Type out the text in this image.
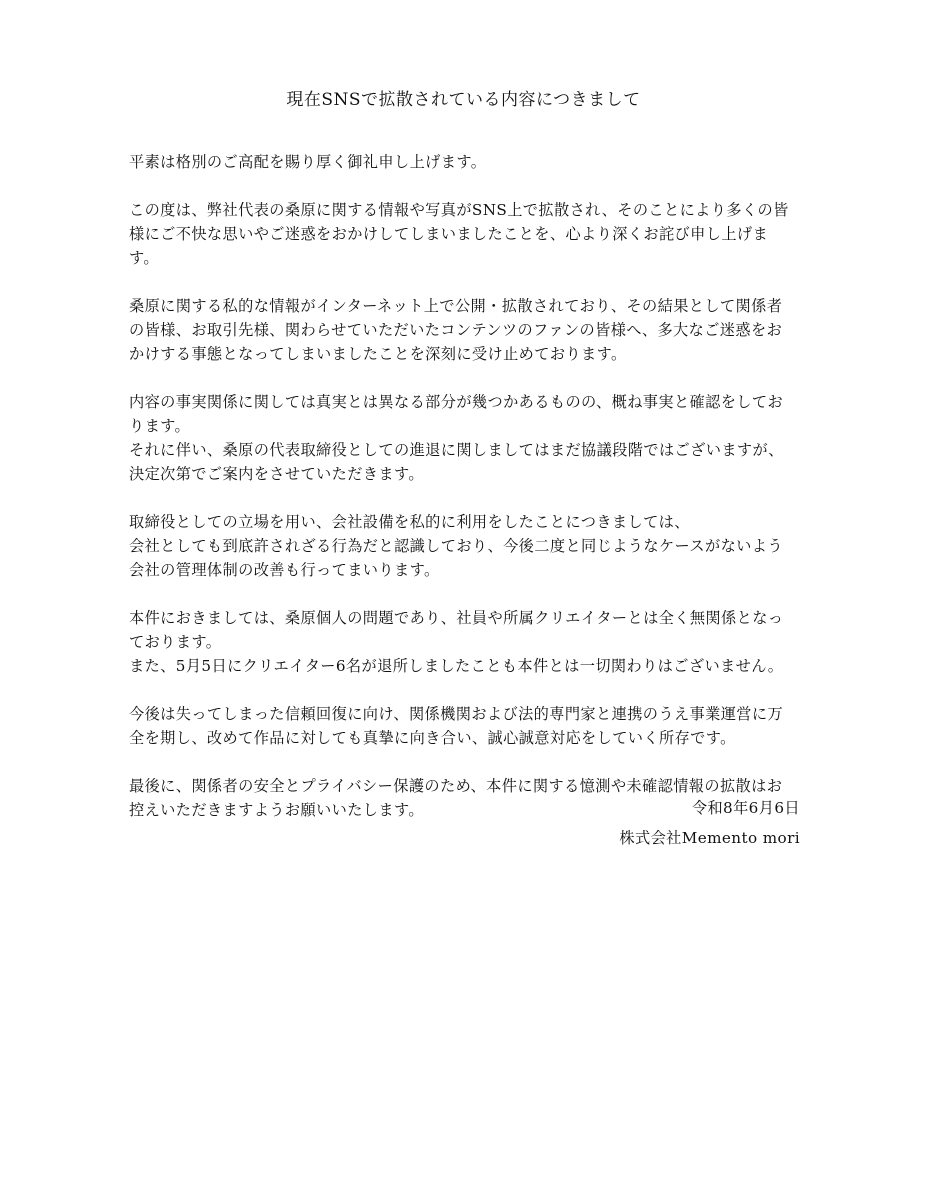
現在SNSで拡散されている内容につきまして

平素は格別のご高配を賜り厚く御礼申し上げます。

この度は、弊社代表の桑原に関する情報や写真がSNS上で拡散され、そのことにより多くの皆
様にご不快な思いやご迷惑をおかけしてしまいましたことを、心より深くお詫び申し上げま
す。

桑原に関する私的な情報がインターネット上で公開・拡散されており、その結果として関係者
の皆様、お取引先様、関わらせていただいたコンテンツのファンの皆様へ、多大なご迷惑をお
かけする事態となってしまいましたことを深刻に受け止めております。

内容の事実関係に関しては真実とは異なる部分が幾つかあるものの、概ね事実と確認をしてお
ります。
それに伴い、桑原の代表取締役としての進退に関しましてはまだ協議段階ではございますが、
決定次第でご案内をさせていただきます。

取締役としての立場を用い、会社設備を私的に利用をしたことにつきましては、
会社としても到底許されざる行為だと認識しており、今後二度と同じようなケースがないよう
会社の管理体制の改善も行ってまいります。

本件におきましては、桑原個人の問題であり、社員や所属クリエイターとは全く無関係となっ
ております。
また、5月5日にクリエイター6名が退所しましたことも本件とは一切関わりはございません。

今後は失ってしまった信頼回復に向け、関係機関および法的専門家と連携のうえ事業運営に万
全を期し、改めて作品に対しても真摯に向き合い、誠心誠意対応をしていく所存です。

最後に、関係者の安全とプライバシー保護のため、本件に関する憶測や未確認情報の拡散はお
控えいただきますようお願いいたします。	令和8年6月6日
株式会社Memento mori
